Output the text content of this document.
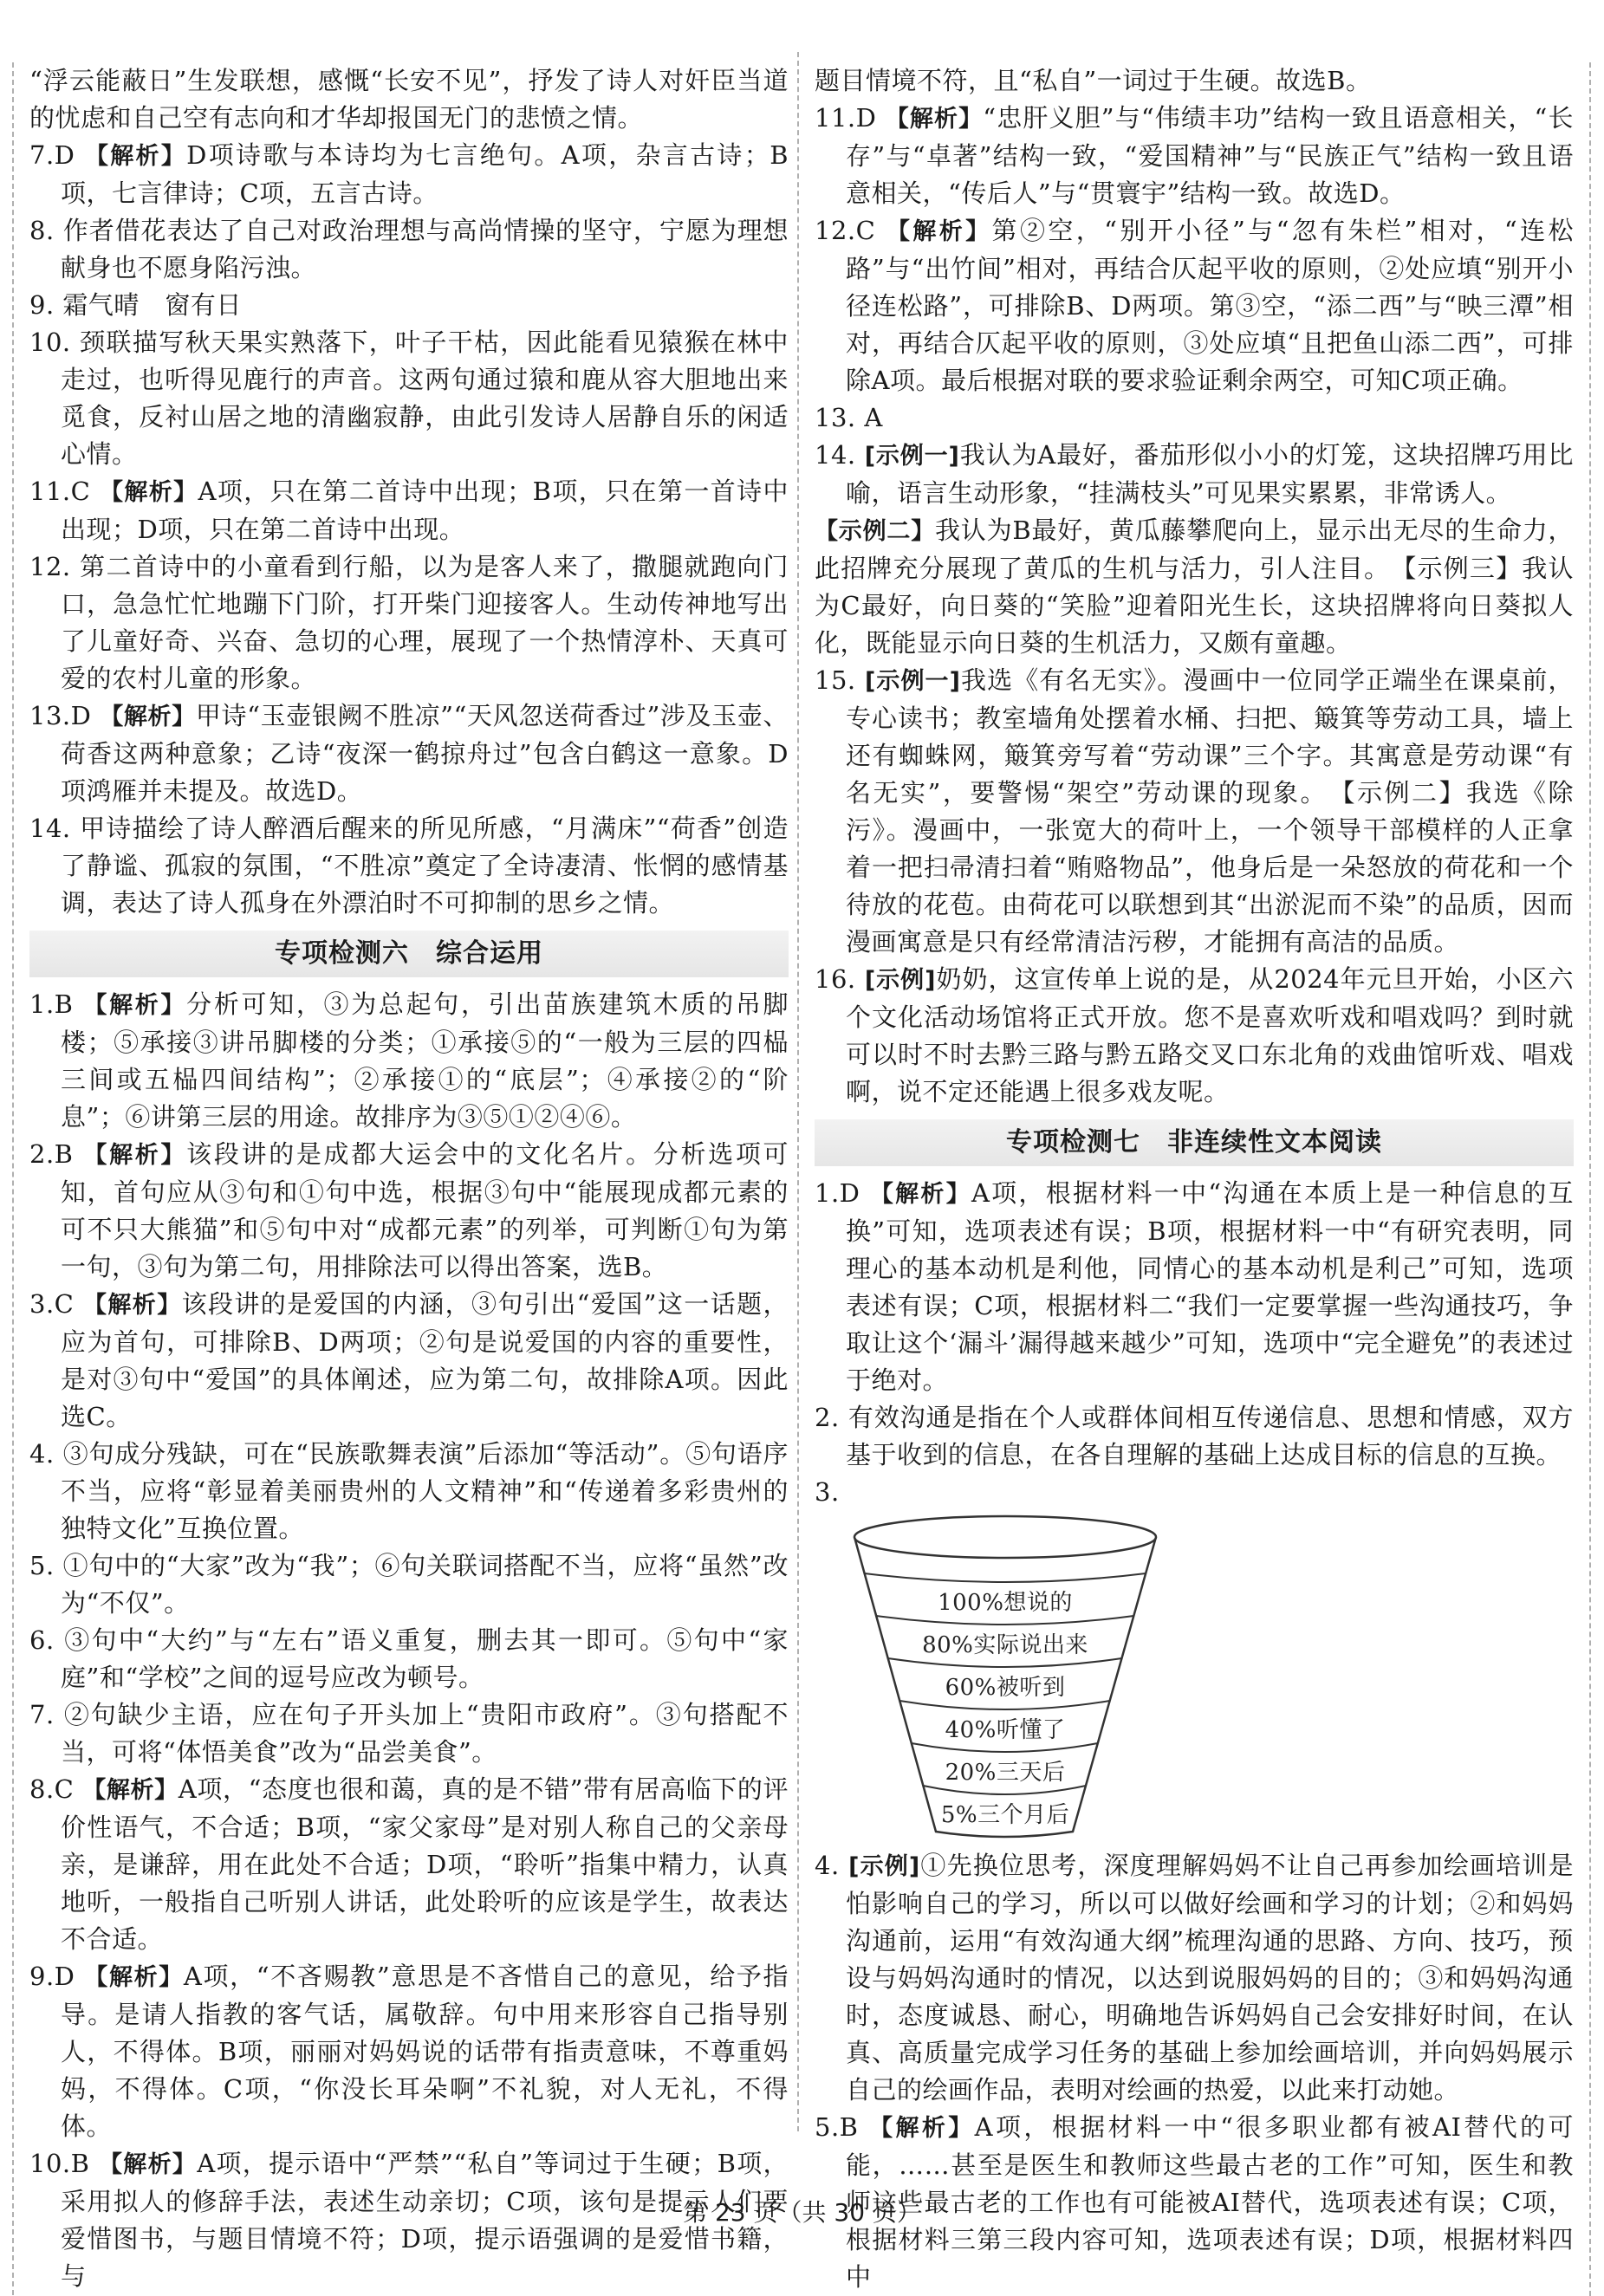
“浮云能蔽日”生发联想，感慨“长安不见”，抒发了诗人对奸臣当道的忧虑和自己空有志向和才华却报国无门的悲愤之情。

7.D 【解析】D项诗歌与本诗均为七言绝句。A项，杂言古诗；B项，七言律诗；C项，五言古诗。

8. 作者借花表达了自己对政治理想与高尚情操的坚守，宁愿为理想献身也不愿身陷污浊。

9. 霜气晴　窗有日

10. 颈联描写秋天果实熟落下，叶子干枯，因此能看见猿猴在林中走过，也听得见鹿行的声音。这两句通过猿和鹿从容大胆地出来觅食，反衬山居之地的清幽寂静，由此引发诗人居静自乐的闲适心情。

11.C 【解析】A项，只在第二首诗中出现；B项，只在第一首诗中出现；D项，只在第二首诗中出现。

12. 第二首诗中的小童看到行船，以为是客人来了，撒腿就跑向门口，急急忙忙地蹦下门阶，打开柴门迎接客人。生动传神地写出了儿童好奇、兴奋、急切的心理，展现了一个热情淳朴、天真可爱的农村儿童的形象。

13.D 【解析】甲诗“玉壶银阙不胜凉”“天风忽送荷香过”涉及玉壶、荷香这两种意象；乙诗“夜深一鹤掠舟过”包含白鹤这一意象。D项鸿雁并未提及。故选D。

14. 甲诗描绘了诗人醉酒后醒来的所见所感，“月满床”“荷香”创造了静谧、孤寂的氛围，“不胜凉”奠定了全诗凄清、怅惘的感情基调，表达了诗人孤身在外漂泊时不可抑制的思乡之情。

专项检测六　综合运用

1.B 【解析】分析可知，③为总起句，引出苗族建筑木质的吊脚楼；⑤承接③讲吊脚楼的分类；①承接⑤的“一般为三层的四榀三间或五榀四间结构”；②承接①的“底层”；④承接②的“阶息”；⑥讲第三层的用途。故排序为③⑤①②④⑥。

2.B 【解析】该段讲的是成都大运会中的文化名片。分析选项可知，首句应从③句和①句中选，根据③句中“能展现成都元素的可不只大熊猫”和⑤句中对“成都元素”的列举，可判断①句为第一句，③句为第二句，用排除法可以得出答案，选B。

3.C 【解析】该段讲的是爱国的内涵，③句引出“爱国”这一话题，应为首句，可排除B、D两项；②句是说爱国的内容的重要性，是对③句中“爱国”的具体阐述，应为第二句，故排除A项。因此选C。

4. ③句成分残缺，可在“民族歌舞表演”后添加“等活动”。⑤句语序不当，应将“彰显着美丽贵州的人文精神”和“传递着多彩贵州的独特文化”互换位置。

5. ①句中的“大家”改为“我”；⑥句关联词搭配不当，应将“虽然”改为“不仅”。

6. ③句中“大约”与“左右”语义重复，删去其一即可。⑤句中“家庭”和“学校”之间的逗号应改为顿号。

7. ②句缺少主语，应在句子开头加上“贵阳市政府”。③句搭配不当，可将“体悟美食”改为“品尝美食”。

8.C 【解析】A项，“态度也很和蔼，真的是不错”带有居高临下的评价性语气，不合适；B项，“家父家母”是对别人称自己的父亲母亲，是谦辞，用在此处不合适；D项，“聆听”指集中精力，认真地听，一般指自己听别人讲话，此处聆听的应该是学生，故表达不合适。

9.D 【解析】A项，“不吝赐教”意思是不吝惜自己的意见，给予指导。是请人指教的客气话，属敬辞。句中用来形容自己指导别人，不得体。B项，丽丽对妈妈说的话带有指责意味，不尊重妈妈，不得体。C项，“你没长耳朵啊”不礼貌，对人无礼，不得体。

10.B 【解析】A项，提示语中“严禁”“私自”等词过于生硬；B项，采用拟人的修辞手法，表述生动亲切；C项，该句是提示人们要爱惜图书，与题目情境不符；D项，提示语强调的是爱惜书籍，与

题目情境不符，且“私自”一词过于生硬。故选B。

11.D 【解析】“忠肝义胆”与“伟绩丰功”结构一致且语意相关，“长存”与“卓著”结构一致，“爱国精神”与“民族正气”结构一致且语意相关，“传后人”与“贯寰宇”结构一致。故选D。

12.C 【解析】第②空，“别开小径”与“忽有朱栏”相对，“连松路”与“出竹间”相对，再结合仄起平收的原则，②处应填“别开小径连松路”，可排除B、D两项。第③空，“添二西”与“映三潭”相对，再结合仄起平收的原则，③处应填“且把鱼山添二西”，可排除A项。最后根据对联的要求验证剩余两空，可知C项正确。

13. A

14. [示例一]我认为A最好，番茄形似小小的灯笼，这块招牌巧用比喻，语言生动形象，“挂满枝头”可见果实累累，非常诱人。

【示例二】我认为B最好，黄瓜藤攀爬向上，显示出无尽的生命力，此招牌充分展现了黄瓜的生机与活力，引人注目。　【示例三】我认为C最好，向日葵的“笑脸”迎着阳光生长，这块招牌将向日葵拟人化，既能显示向日葵的生机活力，又颇有童趣。

15. [示例一]我选《有名无实》。漫画中一位同学正端坐在课桌前，专心读书；教室墙角处摆着水桶、扫把、簸箕等劳动工具，墙上还有蜘蛛网，簸箕旁写着“劳动课”三个字。其寓意是劳动课“有名无实”，要警惕“架空”劳动课的现象。　【示例二】我选《除污》。漫画中，一张宽大的荷叶上，一个领导干部模样的人正拿着一把扫帚清扫着“贿赂物品”，他身后是一朵怒放的荷花和一个待放的花苞。由荷花可以联想到其“出淤泥而不染”的品质，因而漫画寓意是只有经常清洁污秽，才能拥有高洁的品质。

16. [示例]奶奶，这宣传单上说的是，从2024年元旦开始，小区六个文化活动场馆将正式开放。您不是喜欢听戏和唱戏吗？到时就可以时不时去黔三路与黔五路交叉口东北角的戏曲馆听戏、唱戏啊，说不定还能遇上很多戏友呢。

专项检测七　非连续性文本阅读

1.D 【解析】A项，根据材料一中“沟通在本质上是一种信息的互换”可知，选项表述有误；B项，根据材料一中“有研究表明，同理心的基本动机是利他，同情心的基本动机是利己”可知，选项表述有误；C项，根据材料二“我们一定要掌握一些沟通技巧，争取让这个‘漏斗’漏得越来越少”可知，选项中“完全避免”的表述过于绝对。

2. 有效沟通是指在个人或群体间相互传递信息、思想和情感，双方基于收到的信息，在各自理解的基础上达成目标的信息的互换。

3.

100%想说的
80%实际说出来
60%被听到
40%听懂了
20%三天后
5%三个月后

4. [示例]①先换位思考，深度理解妈妈不让自己再参加绘画培训是怕影响自己的学习，所以可以做好绘画和学习的计划；②和妈妈沟通前，运用“有效沟通大纲”梳理沟通的思路、方向、技巧，预设与妈妈沟通时的情况，以达到说服妈妈的目的；③和妈妈沟通时，态度诚恳、耐心，明确地告诉妈妈自己会安排好时间，在认真、高质量完成学习任务的基础上参加绘画培训，并向妈妈展示自己的绘画作品，表明对绘画的热爱，以此来打动她。

5.B 【解析】A项，根据材料一中“很多职业都有被AI替代的可能，……甚至是医生和教师这些最古老的工作”可知，医生和教师这些最古老的工作也有可能被AI替代，选项表述有误；C项，根据材料三第三段内容可知，选项表述有误；D项，根据材料四中

第 23 页（共 30 页）
